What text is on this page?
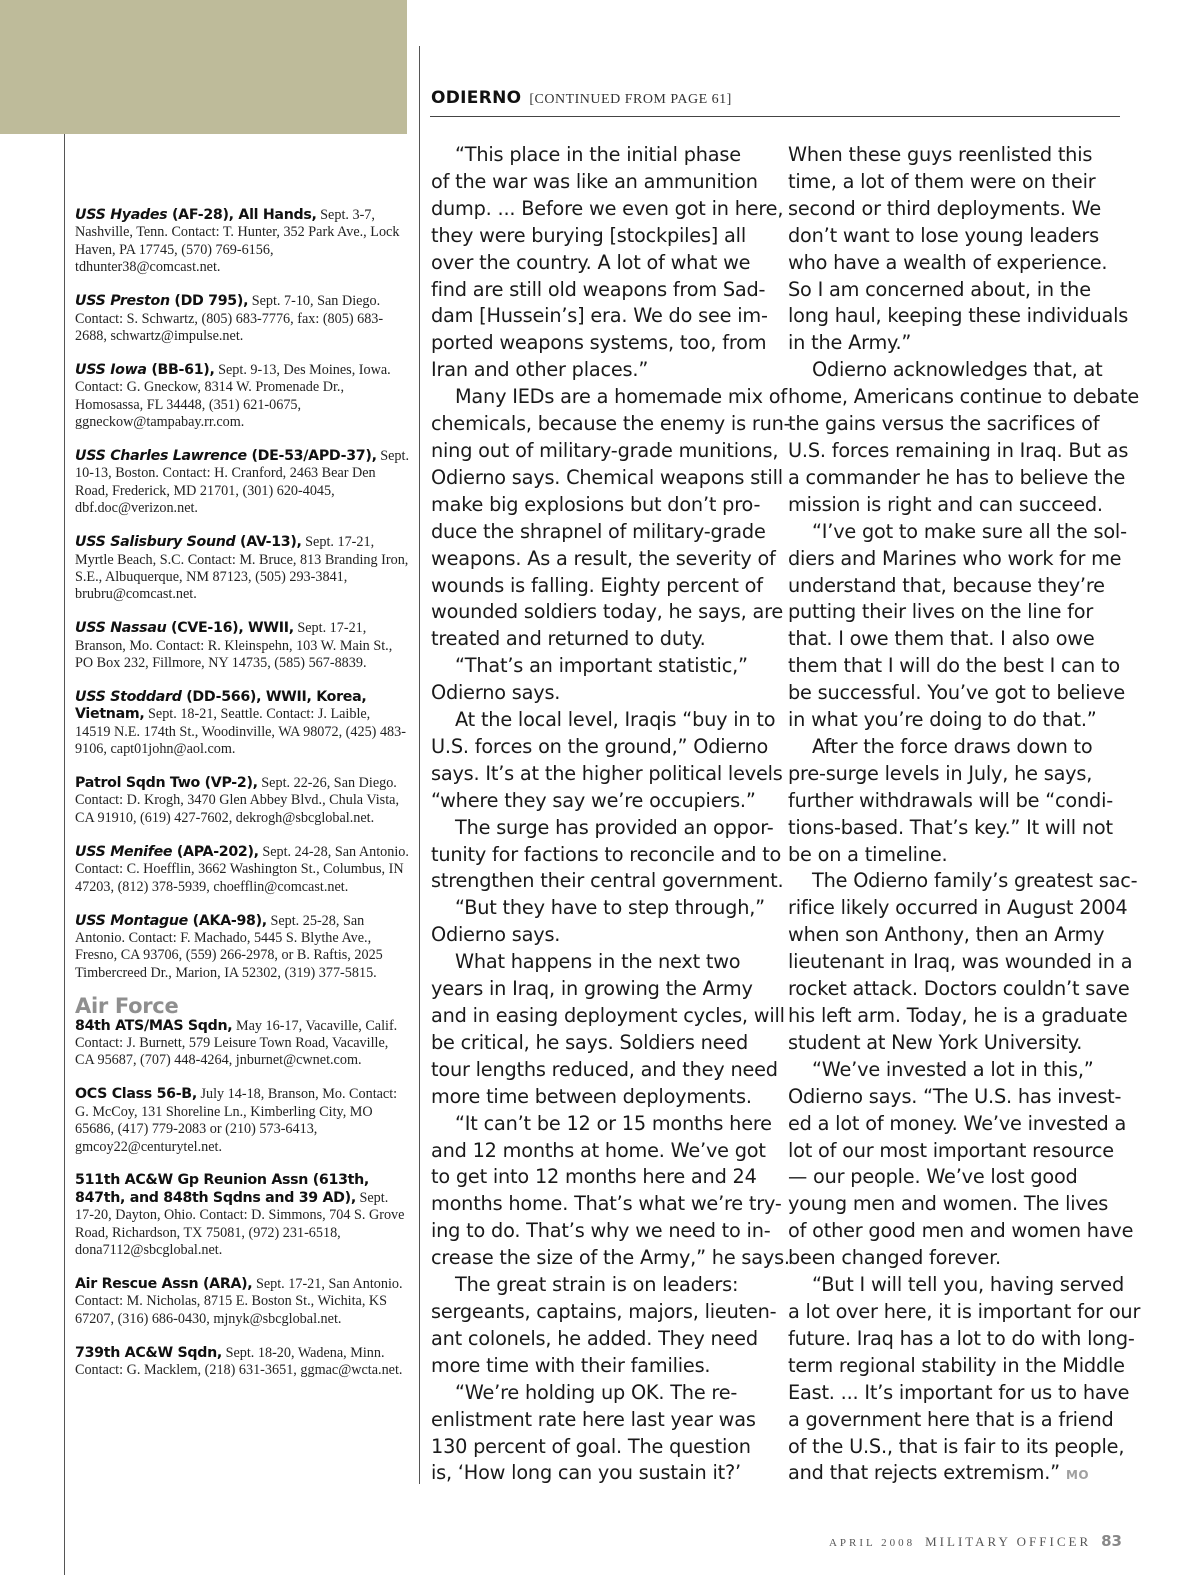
USS Hyades (AF-28), All Hands, Sept. 3-7, Nashville, Tenn. Contact: T. Hunter, 352 Park Ave., Lock Haven, PA 17745, (570) 769-6156, tdhunter38@comcast.net.
USS Preston (DD 795), Sept. 7-10, San Diego. Contact: S. Schwartz, (805) 683-7776, fax: (805) 683-2688, schwartz@impulse.net.
USS Iowa (BB-61), Sept. 9-13, Des Moines, Iowa. Contact: G. Gneckow, 8314 W. Promenade Dr., Homosassa, FL 34448, (351) 621-0675, ggneckow@tampabay.rr.com.
USS Charles Lawrence (DE-53/APD-37), Sept. 10-13, Boston. Contact: H. Cranford, 2463 Bear Den Road, Frederick, MD 21701, (301) 620-4045, dbf.doc@verizon.net.
USS Salisbury Sound (AV-13), Sept. 17-21, Myrtle Beach, S.C. Contact: M. Bruce, 813 Branding Iron, S.E., Albuquerque, NM 87123, (505) 293-3841, brubru@comcast.net.
USS Nassau (CVE-16), WWII, Sept. 17-21, Branson, Mo. Contact: R. Kleinspehn, 103 W. Main St., PO Box 232, Fillmore, NY 14735, (585) 567-8839.
USS Stoddard (DD-566), WWII, Korea, Vietnam, Sept. 18-21, Seattle. Contact: J. Laible, 14519 N.E. 174th St., Woodinville, WA 98072, (425) 483-9106, capt01john@aol.com.
Patrol Sqdn Two (VP-2), Sept. 22-26, San Diego. Contact: D. Krogh, 3470 Glen Abbey Blvd., Chula Vista, CA 91910, (619) 427-7602, dekrogh@sbcglobal.net.
USS Menifee (APA-202), Sept. 24-28, San Antonio. Contact: C. Hoefflin, 3662 Washington St., Columbus, IN 47203, (812) 378-5939, choefflin@comcast.net.
USS Montague (AKA-98), Sept. 25-28, San Antonio. Contact: F. Machado, 5445 S. Blythe Ave., Fresno, CA 93706, (559) 266-2978, or B. Raftis, 2025 Timbercreed Dr., Marion, IA 52302, (319) 377-5815.
Air Force
84th ATS/MAS Sqdn, May 16-17, Vacaville, Calif. Contact: J. Burnett, 579 Leisure Town Road, Vacaville, CA 95687, (707) 448-4264, jnburnet@cwnet.com.
OCS Class 56-B, July 14-18, Branson, Mo. Contact: G. McCoy, 131 Shoreline Ln., Kimberling City, MO 65686, (417) 779-2083 or (210) 573-6413, gmcoy22@centurytel.net.
511th AC&W Gp Reunion Assn (613th, 847th, and 848th Sqdns and 39 AD), Sept. 17-20, Dayton, Ohio. Contact: D. Simmons, 704 S. Grove Road, Richardson, TX 75081, (972) 231-6518, dona7112@sbcglobal.net.
Air Rescue Assn (ARA), Sept. 17-21, San Antonio. Contact: M. Nicholas, 8715 E. Boston St., Wichita, KS 67207, (316) 686-0430, mjnyk@sbcglobal.net.
739th AC&W Sqdn, Sept. 18-20, Wadena, Minn. Contact: G. Macklem, (218) 631-3651, ggmac@wcta.net.
ODIERNO [CONTINUED FROM PAGE 61]
“This place in the initial phase
of the war was like an ammunition
dump. ... Before we even got in here,
they were burying [stockpiles] all
over the country. A lot of what we
find are still old weapons from Sad-
dam [Hussein’s] era. We do see im-
ported weapons systems, too, from
Iran and other places.”
Many IEDs are a homemade mix of
chemicals, because the enemy is run-
ning out of military-grade munitions,
Odierno says. Chemical weapons still
make big explosions but don’t pro-
duce the shrapnel of military-grade
weapons. As a result, the severity of
wounds is falling. Eighty percent of
wounded soldiers today, he says, are
treated and returned to duty.
“That’s an important statistic,”
Odierno says.
At the local level, Iraqis “buy in to
U.S. forces on the ground,” Odierno
says. It’s at the higher political levels
“where they say we’re occupiers.”
The surge has provided an oppor-
tunity for factions to reconcile and to
strengthen their central government.
“But they have to step through,”
Odierno says.
What happens in the next two
years in Iraq, in growing the Army
and in easing deployment cycles, will
be critical, he says. Soldiers need
tour lengths reduced, and they need
more time between deployments.
“It can’t be 12 or 15 months here
and 12 months at home. We’ve got
to get into 12 months here and 24
months home. That’s what we’re try-
ing to do. That’s why we need to in-
crease the size of the Army,” he says.
The great strain is on leaders:
sergeants, captains, majors, lieuten-
ant colonels, he added. They need
more time with their families.
“We’re holding up OK. The re-
enlistment rate here last year was
130 percent of goal. The question
is, ‘How long can you sustain it?’
When these guys reenlisted this
time, a lot of them were on their
second or third deployments. We
don’t want to lose young leaders
who have a wealth of experience.
So I am concerned about, in the
long haul, keeping these individuals
in the Army.”
Odierno acknowledges that, at
home, Americans continue to debate
the gains versus the sacrifices of
U.S. forces remaining in Iraq. But as
a commander he has to believe the
mission is right and can succeed.
“I’ve got to make sure all the sol-
diers and Marines who work for me
understand that, because they’re
putting their lives on the line for
that. I owe them that. I also owe
them that I will do the best I can to
be successful. You’ve got to believe
in what you’re doing to do that.”
After the force draws down to
pre-surge levels in July, he says,
further withdrawals will be “condi-
tions-based. That’s key.” It will not
be on a timeline.
The Odierno family’s greatest sac-
rifice likely occurred in August 2004
when son Anthony, then an Army
lieutenant in Iraq, was wounded in a
rocket attack. Doctors couldn’t save
his left arm. Today, he is a graduate
student at New York University.
“We’ve invested a lot in this,”
Odierno says. “The U.S. has invest-
ed a lot of money. We’ve invested a
lot of our most important resource
— our people. We’ve lost good
young men and women. The lives
of other good men and women have
been changed forever.
“But I will tell you, having served
a lot over here, it is important for our
future. Iraq has a lot to do with long-
term regional stability in the Middle
East. ... It’s important for us to have
a government here that is a friend
of the U.S., that is fair to its people,
and that rejects extremism.” MO
APRIL 2008 MILITARY OFFICER 83
